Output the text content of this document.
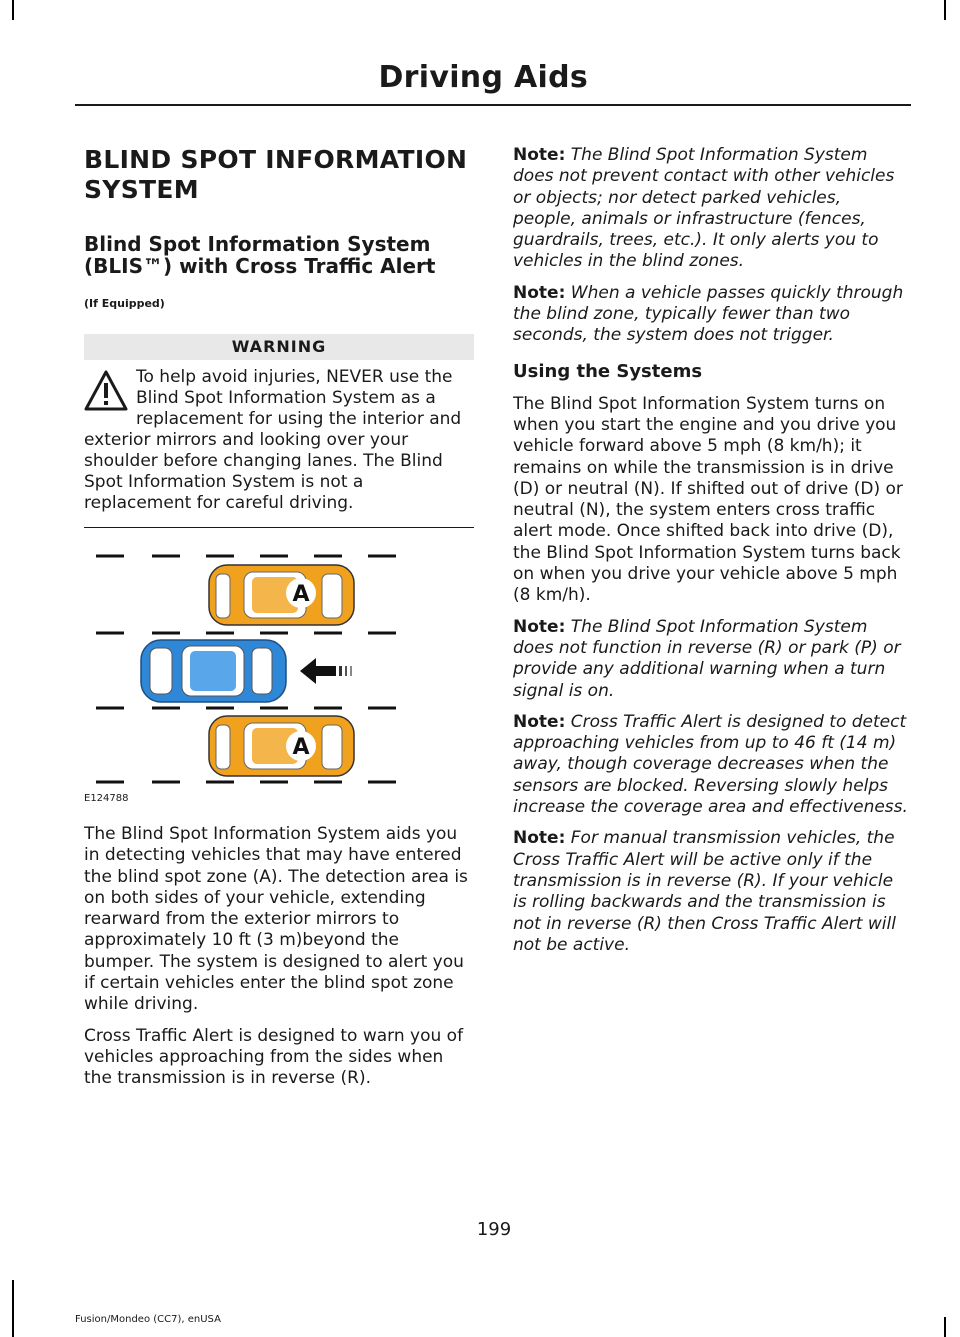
Driving Aids
BLIND SPOT INFORMATION
SYSTEM
Blind Spot Information System
(BLIS™) with Cross Traffic Alert
(If Equipped)
WARNING
To help avoid injuries, NEVER use the Blind Spot Information System as a replacement for using the interior and exterior mirrors and looking over your shoulder before changing lanes. The Blind Spot Information System is not a replacement for careful driving.
A
A
E124788

The Blind Spot Information System aids you in detecting vehicles that may have entered the blind spot zone (A). The detection area is on both sides of your vehicle, extending rearward from the exterior mirrors to approximately 10 ft (3 m)beyond the bumper. The system is designed to alert you if certain vehicles enter the blind spot zone while driving.

Cross Traffic Alert is designed to warn you of vehicles approaching from the sides when the transmission is in reverse (R).

Note: The Blind Spot Information System does not prevent contact with other vehicles or objects; nor detect parked vehicles, people, animals or infrastructure (fences, guardrails, trees, etc.). It only alerts you to vehicles in the blind zones.

Note: When a vehicle passes quickly through the blind zone, typically fewer than two seconds, the system does not trigger.

Using the Systems

The Blind Spot Information System turns on when you start the engine and you drive you vehicle forward above 5 mph (8 km/h); it remains on while the transmission is in drive (D) or neutral (N). If shifted out of drive (D) or neutral (N), the system enters cross traffic alert mode. Once shifted back into drive (D), the Blind Spot Information System turns back on when you drive your vehicle above 5 mph (8 km/h).

Note: The Blind Spot Information System does not function in reverse (R) or park (P) or provide any additional warning when a turn signal is on.

Note: Cross Traffic Alert is designed to detect approaching vehicles from up to 46 ft (14 m) away, though coverage decreases when the sensors are blocked. Reversing slowly helps increase the coverage area and effectiveness.

Note: For manual transmission vehicles, the Cross Traffic Alert will be active only if the transmission is in reverse (R). If your vehicle is rolling backwards and the transmission is not in reverse (R) then Cross Traffic Alert will not be active.

199
Fusion/Mondeo (CC7), enUSA
